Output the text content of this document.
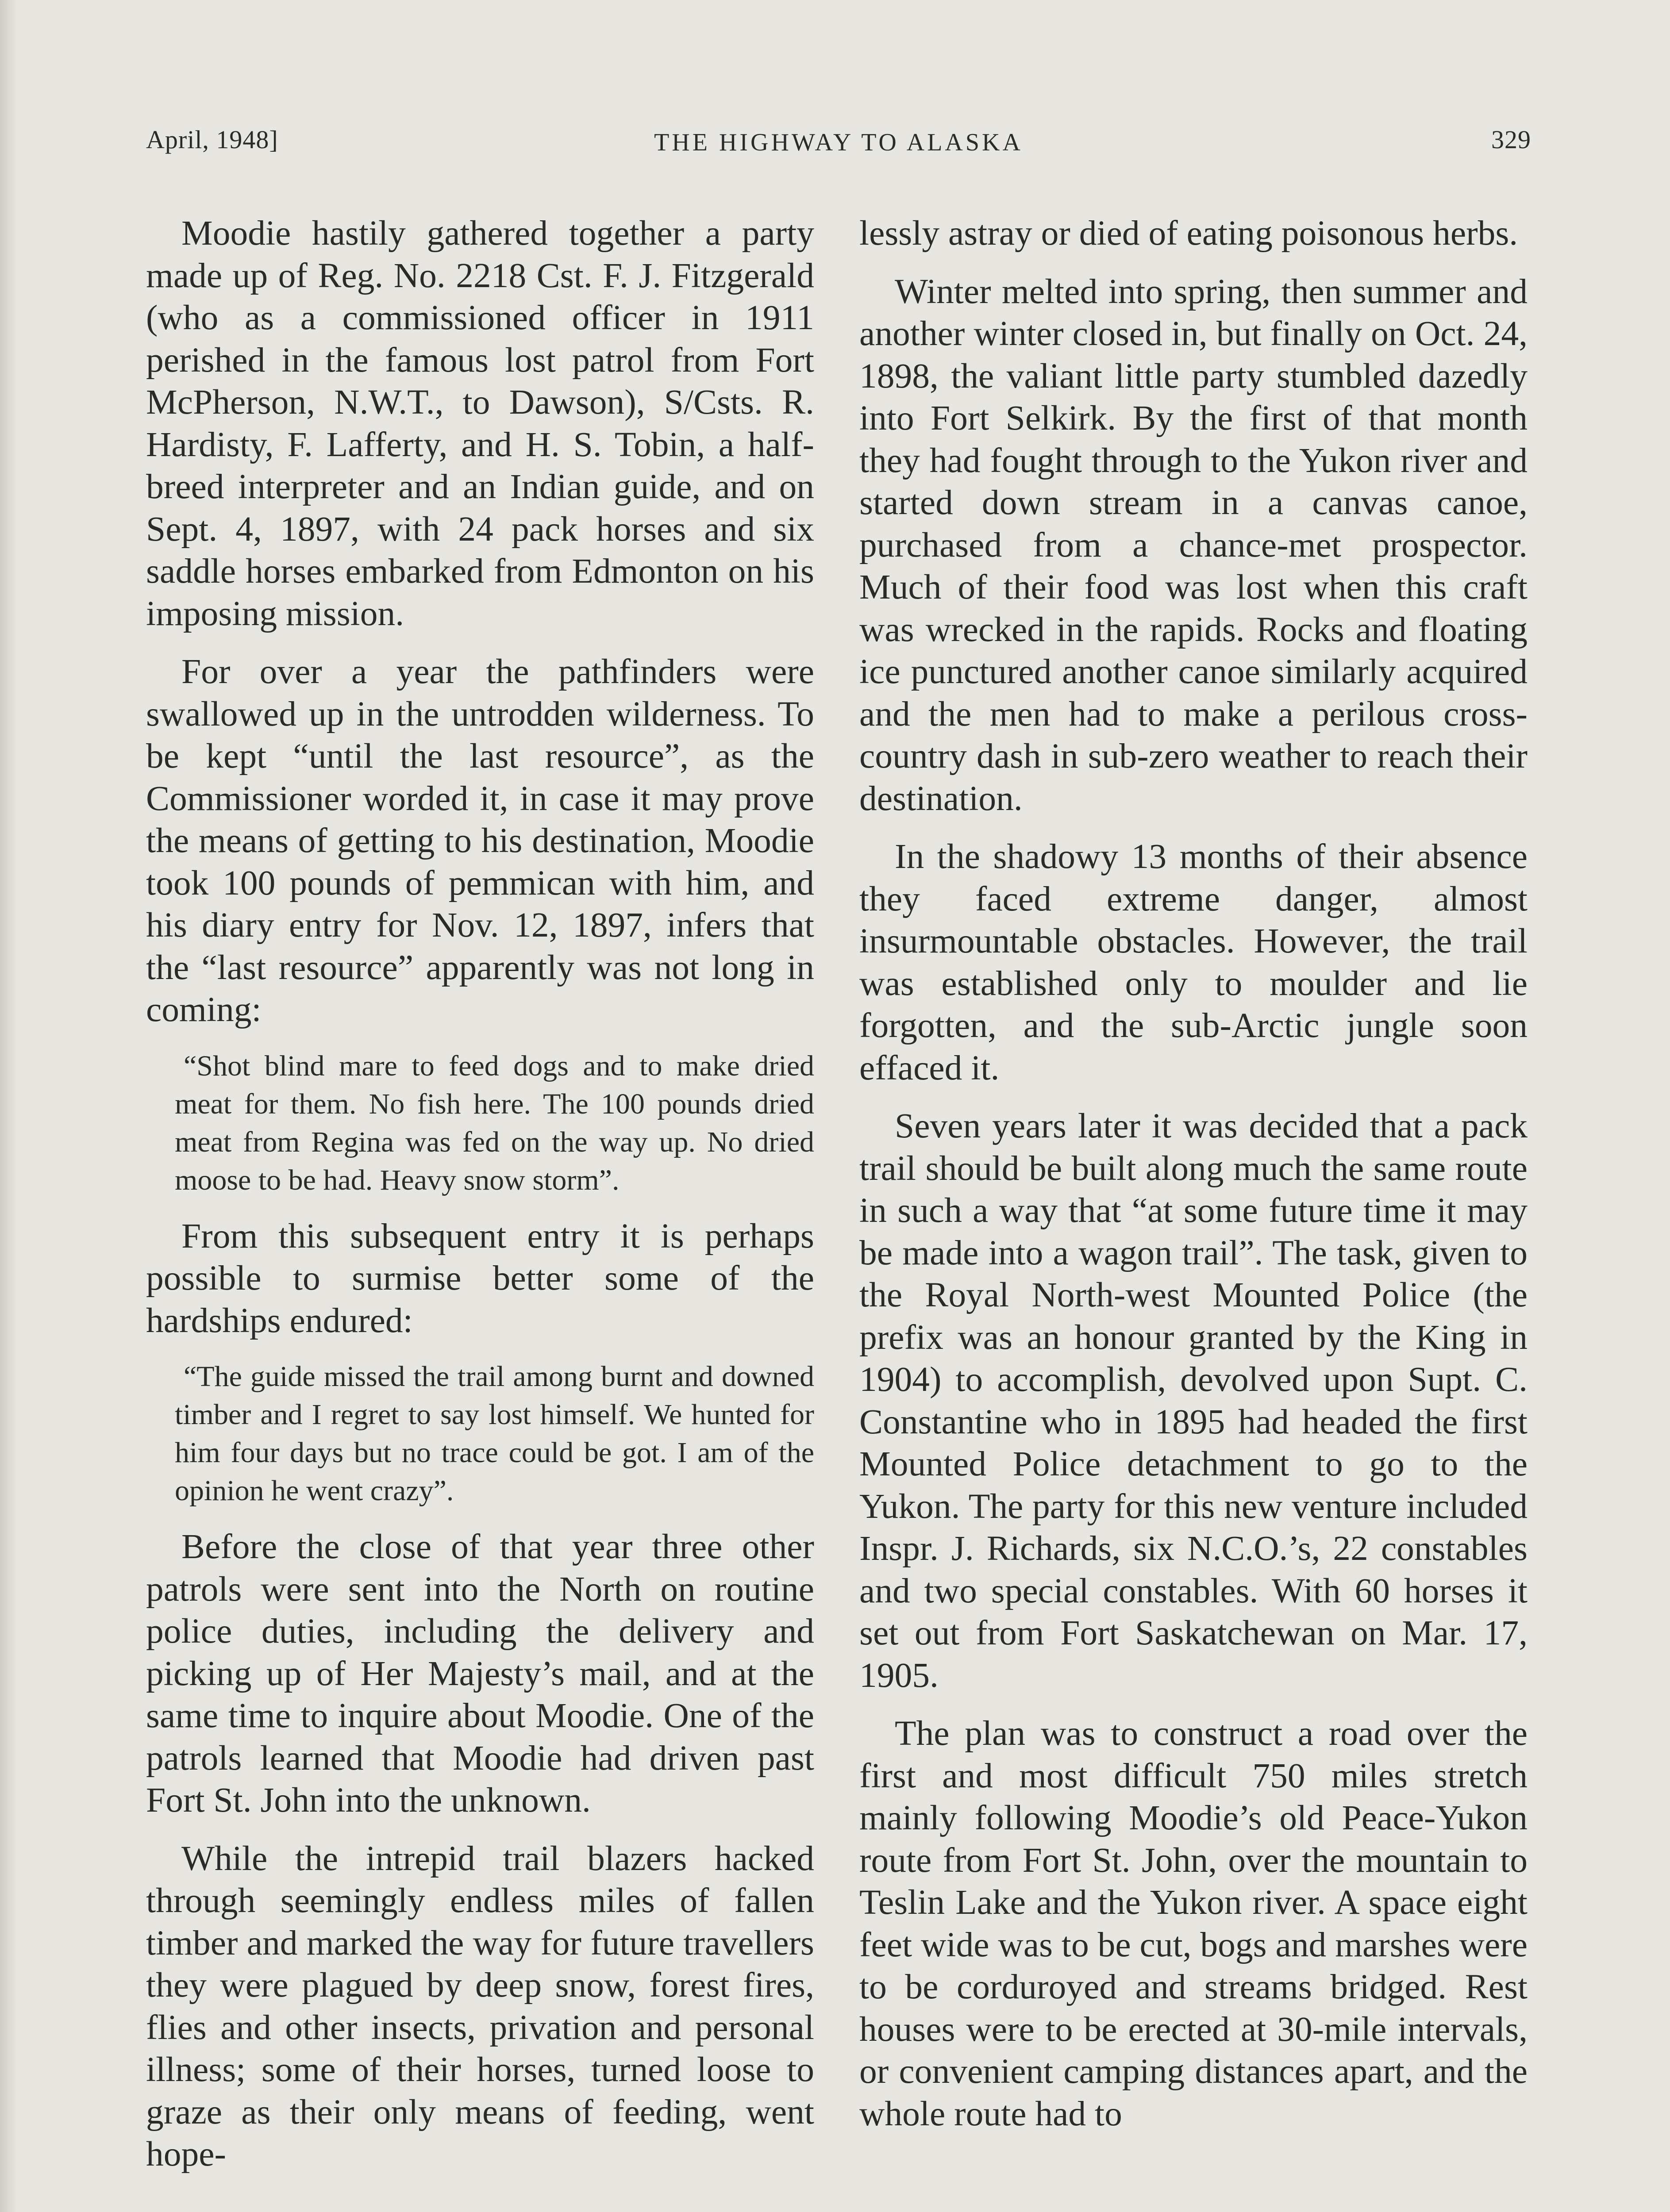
April, 1948]	THE HIGHWAY TO ALASKA	329

Moodie hastily gathered together a party made up of Reg. No. 2218 Cst. F. J. Fitzgerald (who as a commissioned officer in 1911 perished in the famous lost patrol from Fort McPherson, N.W.T., to Dawson), S/Csts. R. Hardisty, F. Lafferty, and H. S. Tobin, a half-breed interpreter and an Indian guide, and on Sept. 4, 1897, with 24 pack horses and six saddle horses embarked from Edmonton on his imposing mission.

For over a year the pathfinders were swallowed up in the untrodden wilderness. To be kept “until the last resource”, as the Commissioner worded it, in case it may prove the means of getting to his destination, Moodie took 100 pounds of pemmican with him, and his diary entry for Nov. 12, 1897, infers that the “last resource” apparently was not long in coming:

“Shot blind mare to feed dogs and to make dried meat for them. No fish here. The 100 pounds dried meat from Regina was fed on the way up. No dried moose to be had. Heavy snow storm”.

From this subsequent entry it is perhaps possible to surmise better some of the hardships endured:

“The guide missed the trail among burnt and downed timber and I regret to say lost himself. We hunted for him four days but no trace could be got. I am of the opinion he went crazy”.

Before the close of that year three other patrols were sent into the North on routine police duties, including the delivery and picking up of Her Majesty’s mail, and at the same time to inquire about Moodie. One of the patrols learned that Moodie had driven past Fort St. John into the unknown.

While the intrepid trail blazers hacked through seemingly endless miles of fallen timber and marked the way for future travellers they were plagued by deep snow, forest fires, flies and other insects, privation and personal illness; some of their horses, turned loose to graze as their only means of feeding, went hope-

lessly astray or died of eating poisonous herbs.

Winter melted into spring, then summer and another winter closed in, but finally on Oct. 24, 1898, the valiant little party stumbled dazedly into Fort Selkirk. By the first of that month they had fought through to the Yukon river and started down stream in a canvas canoe, purchased from a chance-met prospector. Much of their food was lost when this craft was wrecked in the rapids. Rocks and floating ice punctured another canoe similarly acquired and the men had to make a perilous cross-country dash in sub-zero weather to reach their destination.

In the shadowy 13 months of their absence they faced extreme danger, almost insurmountable obstacles. However, the trail was established only to moulder and lie forgotten, and the sub-Arctic jungle soon effaced it.

Seven years later it was decided that a pack trail should be built along much the same route in such a way that “at some future time it may be made into a wagon trail”. The task, given to the Royal North-west Mounted Police (the prefix was an honour granted by the King in 1904) to accomplish, devolved upon Supt. C. Constantine who in 1895 had headed the first Mounted Police detachment to go to the Yukon. The party for this new venture included Inspr. J. Richards, six N.C.O.’s, 22 constables and two special constables. With 60 horses it set out from Fort Saskatchewan on Mar. 17, 1905.

The plan was to construct a road over the first and most difficult 750 miles stretch mainly following Moodie’s old Peace-Yukon route from Fort St. John, over the mountain to Teslin Lake and the Yukon river. A space eight feet wide was to be cut, bogs and marshes were to be corduroyed and streams bridged. Rest houses were to be erected at 30-mile intervals, or convenient camping distances apart, and the whole route had to
